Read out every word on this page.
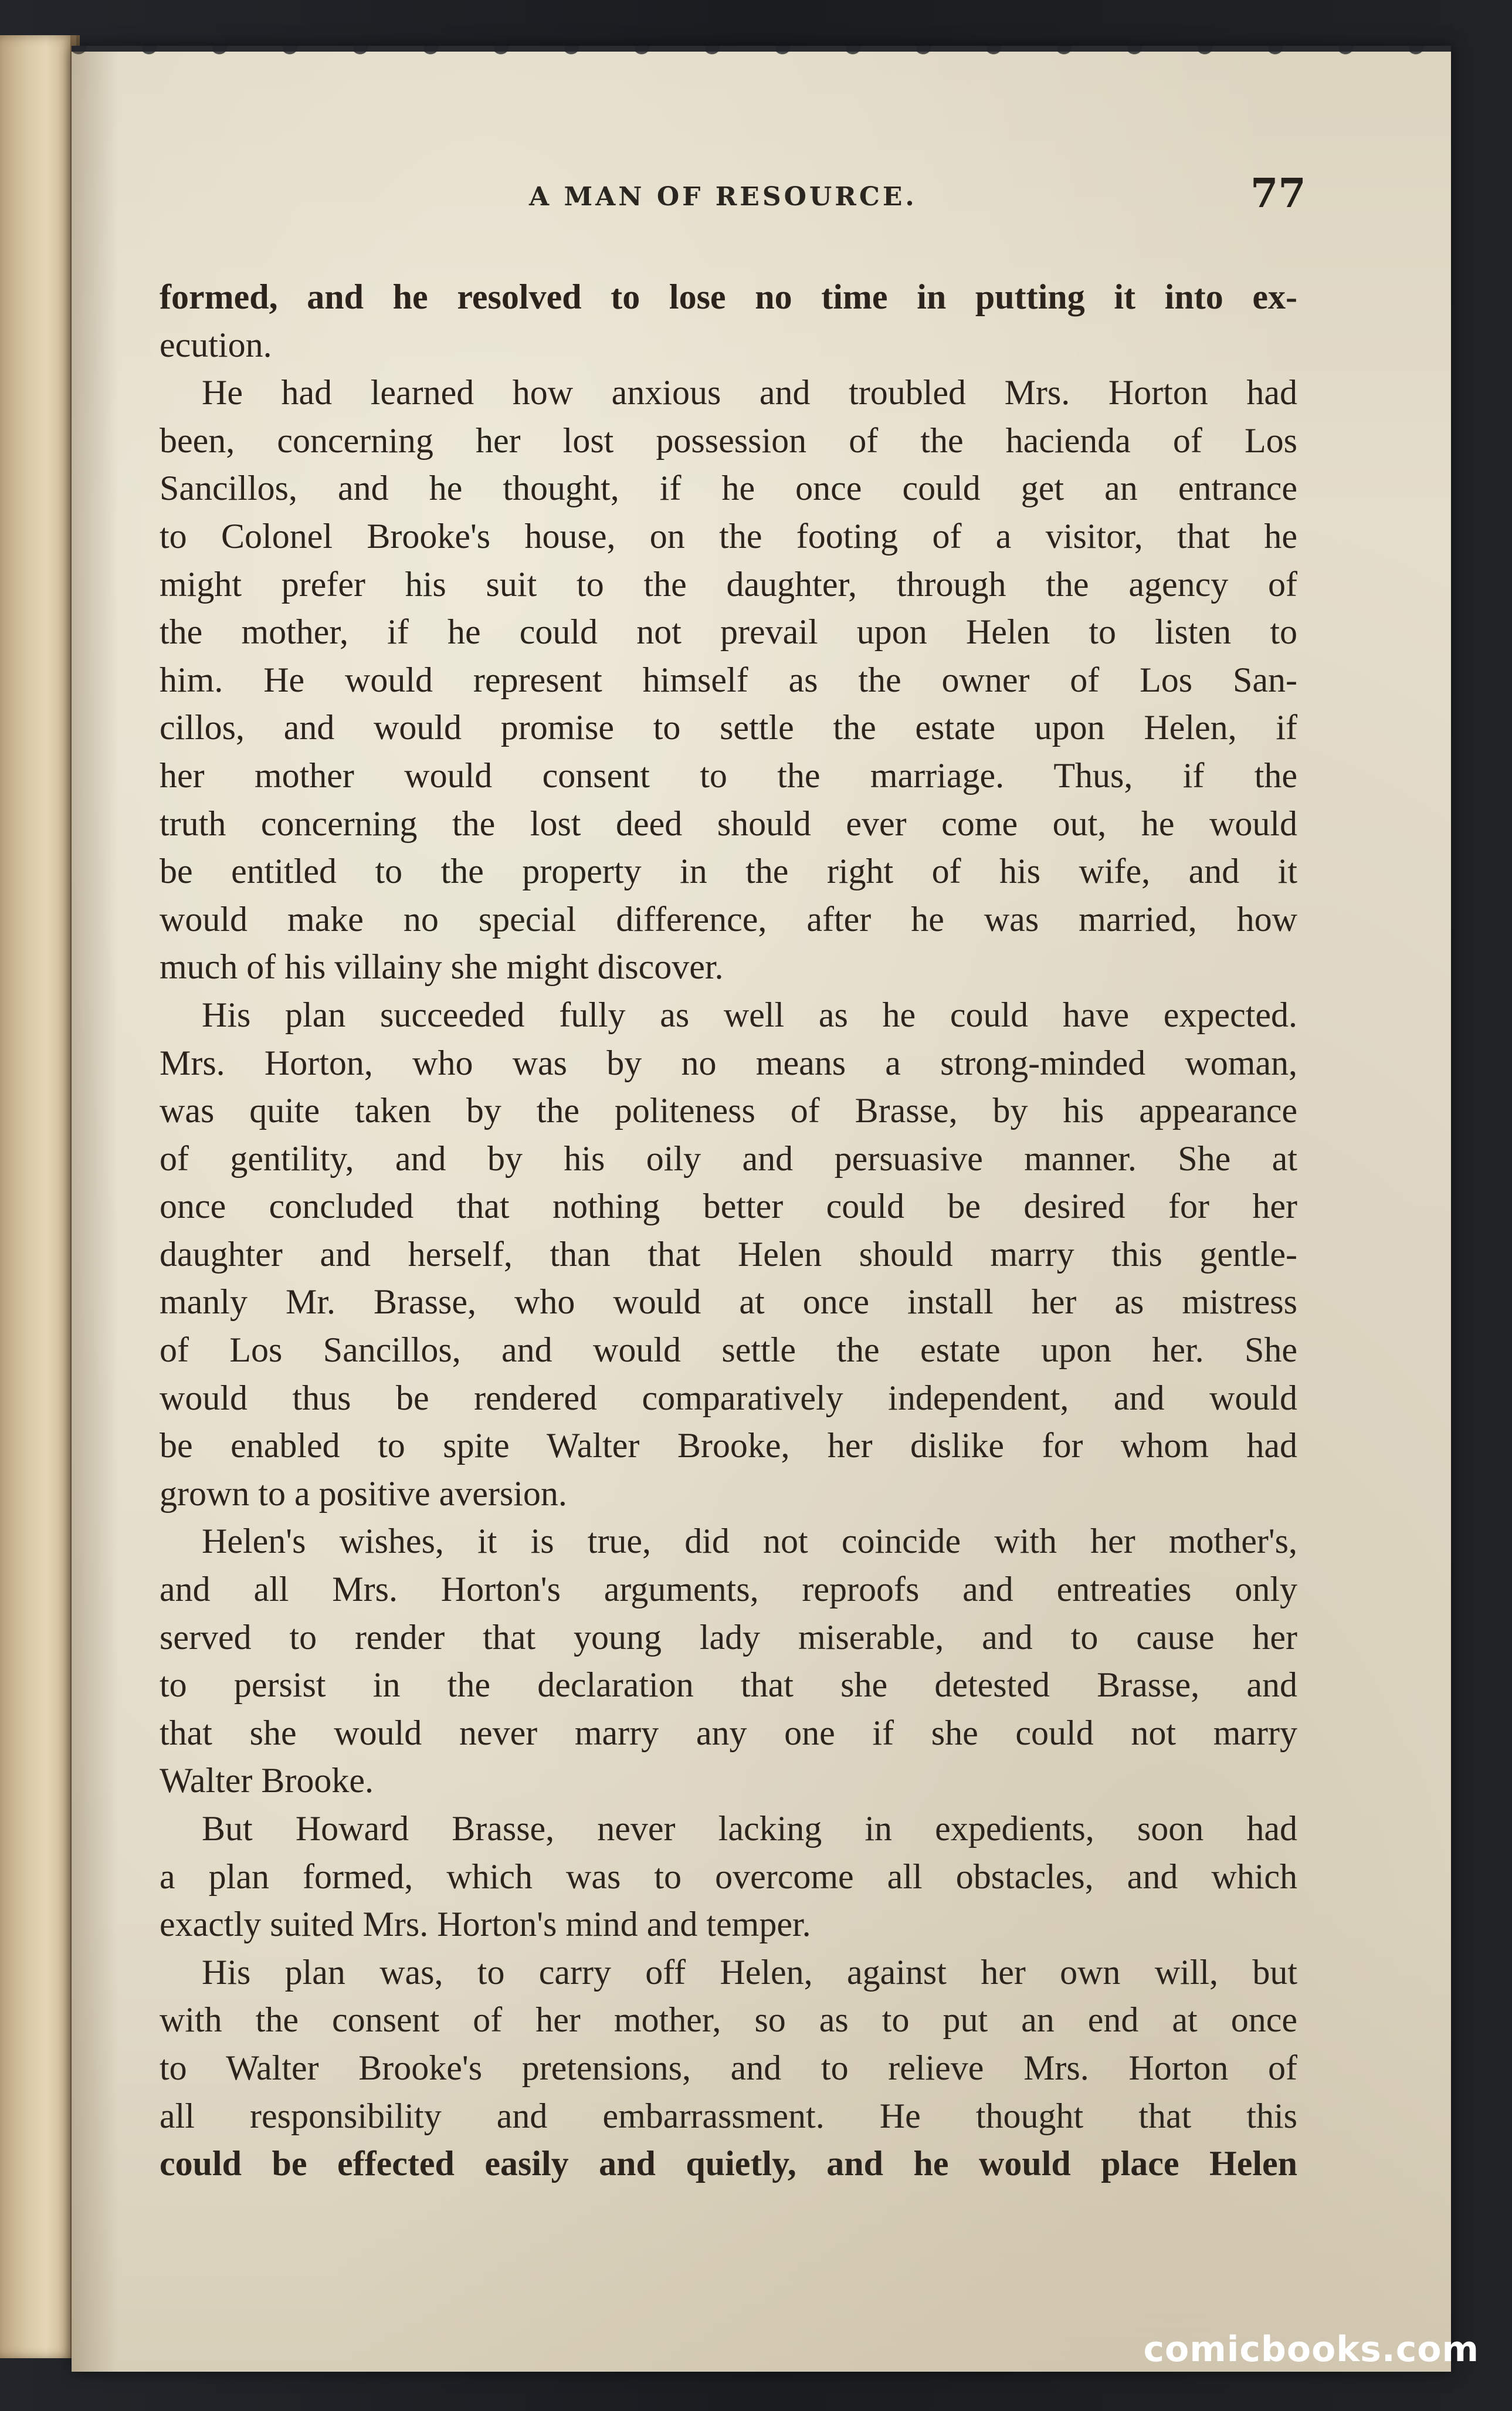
A MAN OF RESOURCE.	77
formed, and he resolved to lose no time in putting it into ex-
ecution.
He had learned how anxious and troubled Mrs. Horton had
been, concerning her lost possession of the hacienda of Los
Sancillos, and he thought, if he once could get an entrance
to Colonel Brooke's house, on the footing of a visitor, that he
might prefer his suit to the daughter, through the agency of
the mother, if he could not prevail upon Helen to listen to
him. He would represent himself as the owner of Los San-
cillos, and would promise to settle the estate upon Helen, if
her mother would consent to the marriage. Thus, if the
truth concerning the lost deed should ever come out, he would
be entitled to the property in the right of his wife, and it
would make no special difference, after he was married, how
much of his villainy she might discover.
His plan succeeded fully as well as he could have expected.
Mrs. Horton, who was by no means a strong-minded woman,
was quite taken by the politeness of Brasse, by his appearance
of gentility, and by his oily and persuasive manner. She at
once concluded that nothing better could be desired for her
daughter and herself, than that Helen should marry this gentle-
manly Mr. Brasse, who would at once install her as mistress
of Los Sancillos, and would settle the estate upon her. She
would thus be rendered comparatively independent, and would
be enabled to spite Walter Brooke, her dislike for whom had
grown to a positive aversion.
Helen's wishes, it is true, did not coincide with her mother's,
and all Mrs. Horton's arguments, reproofs and entreaties only
served to render that young lady miserable, and to cause her
to persist in the declaration that she detested Brasse, and
that she would never marry any one if she could not marry
Walter Brooke.
But Howard Brasse, never lacking in expedients, soon had
a plan formed, which was to overcome all obstacles, and which
exactly suited Mrs. Horton's mind and temper.
His plan was, to carry off Helen, against her own will, but
with the consent of her mother, so as to put an end at once
to Walter Brooke's pretensions, and to relieve Mrs. Horton of
all responsibility and embarrassment. He thought that this
could be effected easily and quietly, and he would place Helen
comicbooks.com
